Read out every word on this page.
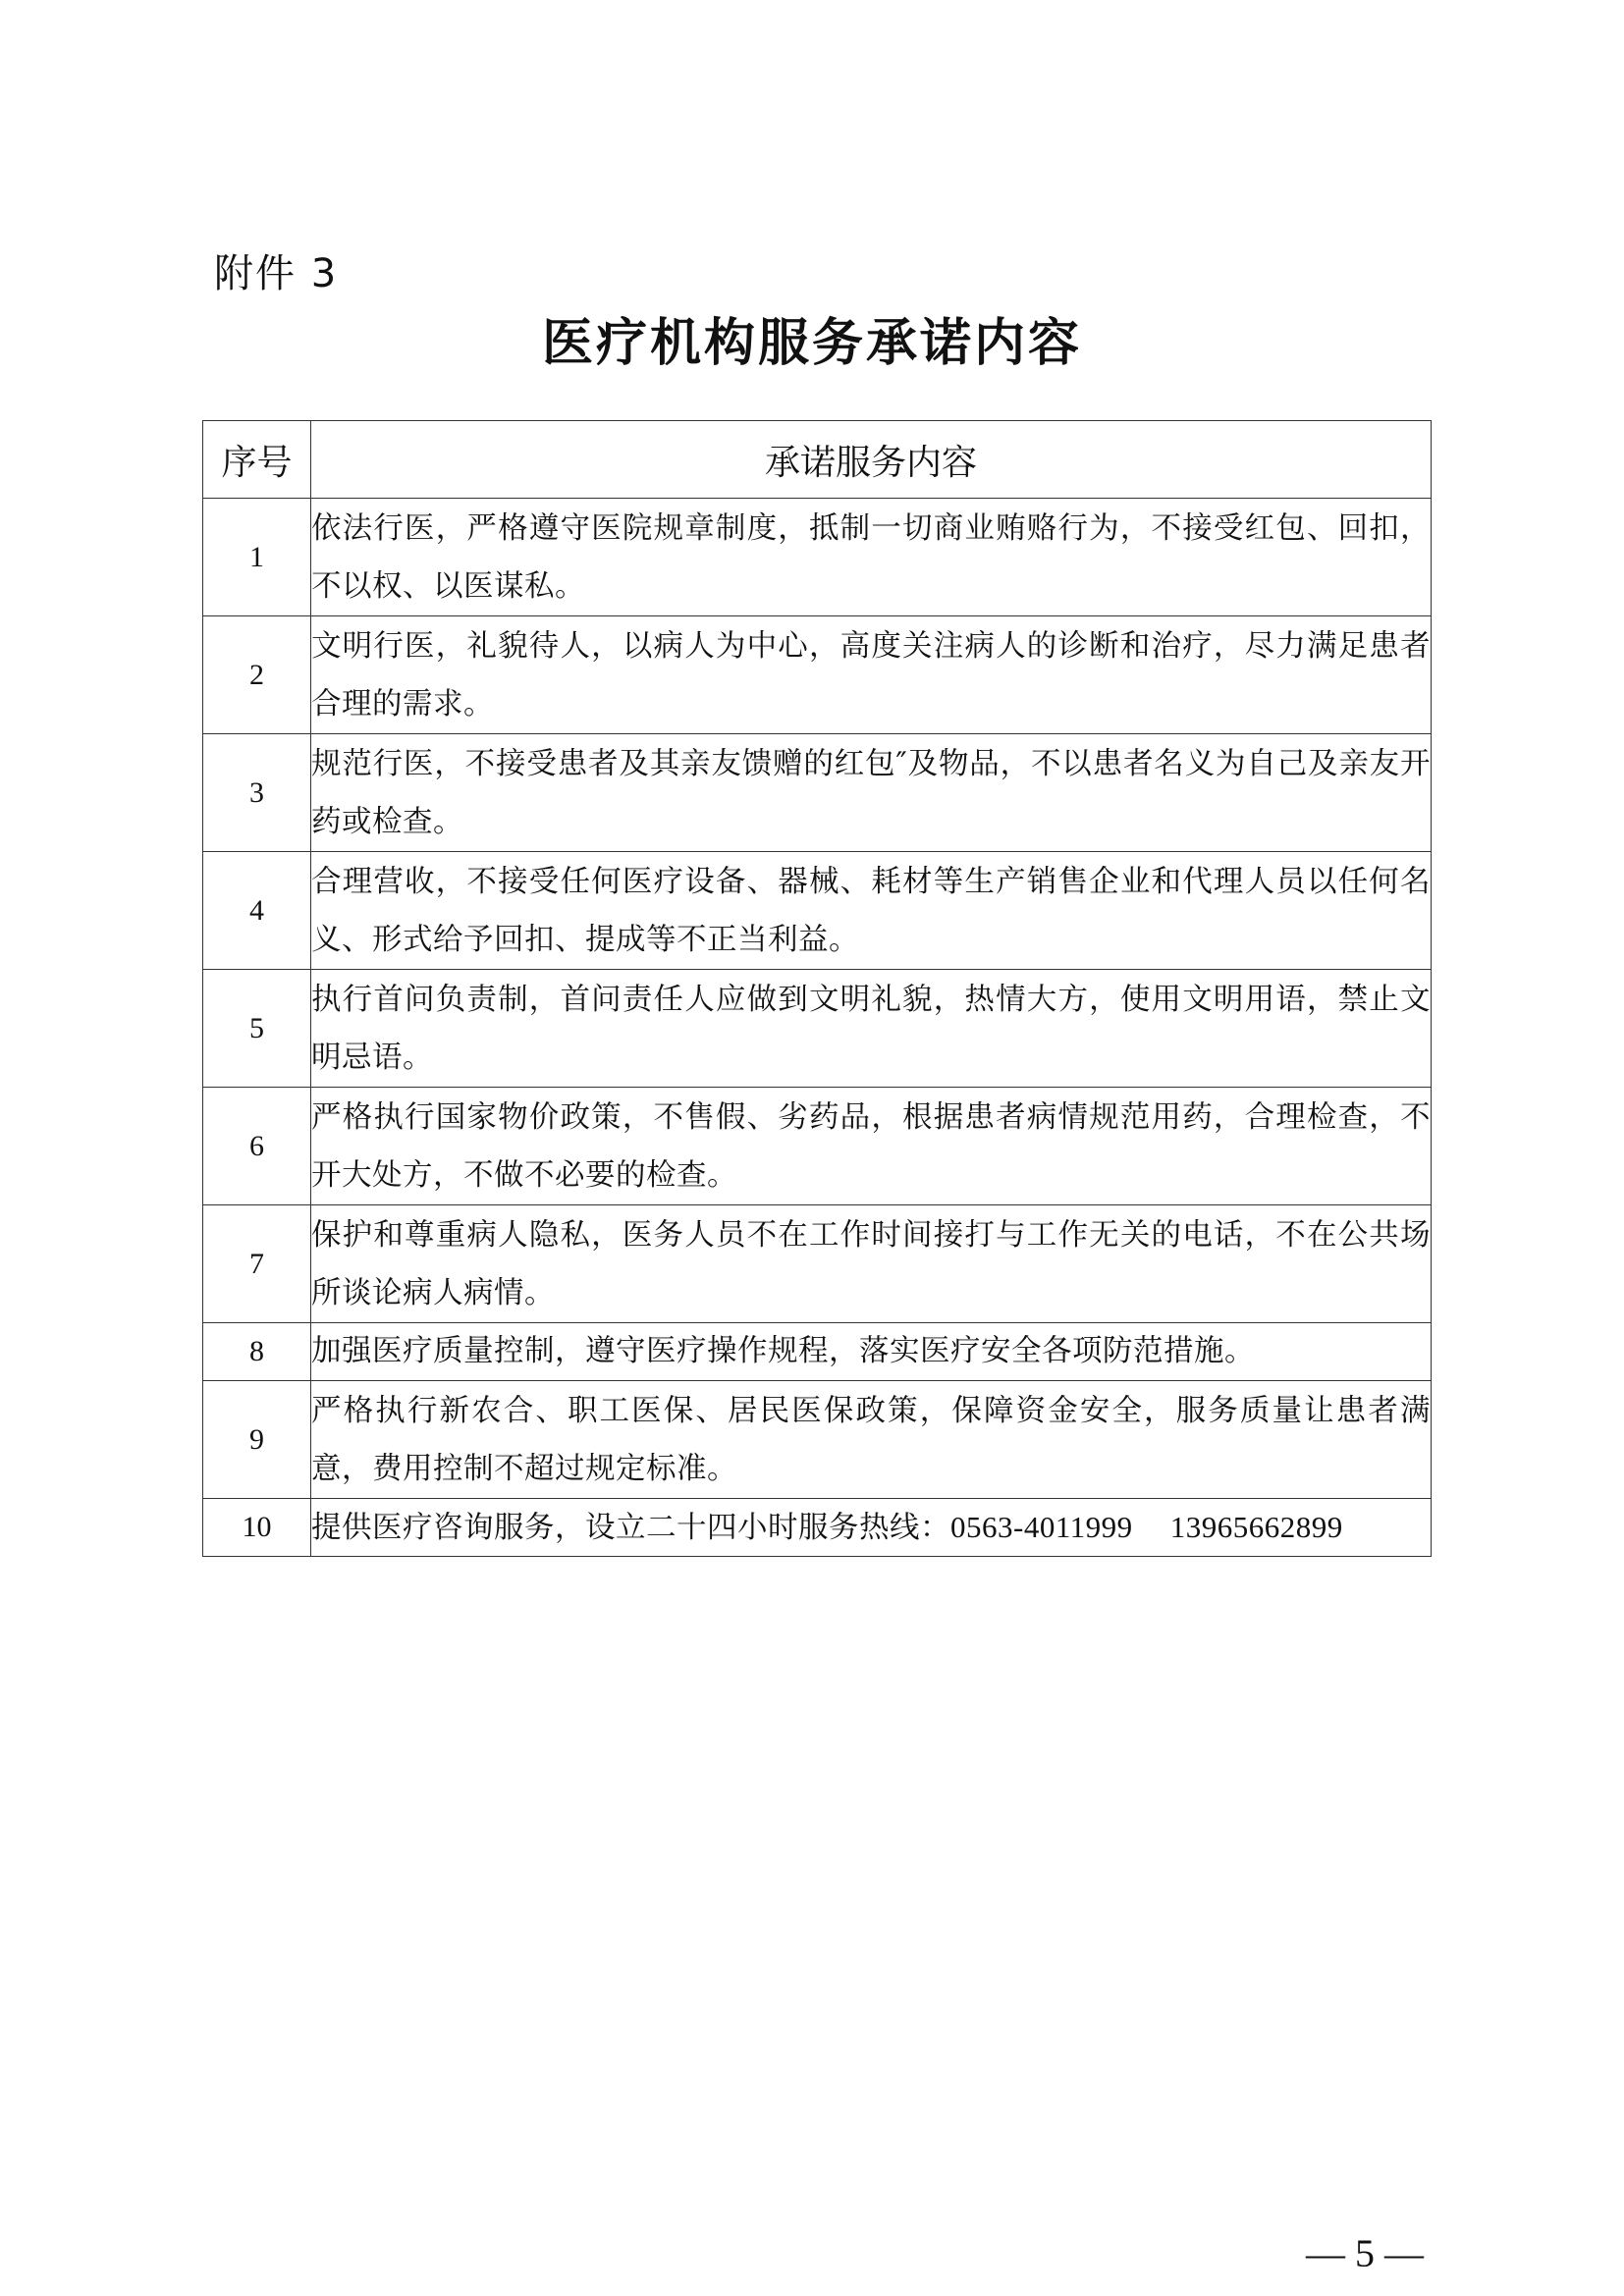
附件 3
医疗机构服务承诺内容
序号	承诺服务内容
1	依法行医，严格遵守医院规章制度，抵制一切商业贿赂行为，不接受红包、回扣，不以权、以医谋私。
2	文明行医，礼貌待人，以病人为中心，高度关注病人的诊断和治疗，尽力满足患者合理的需求。
3	规范行医，不接受患者及其亲友馈赠的红包″及物品，不以患者名义为自己及亲友开药或检查。
4	合理营收，不接受任何医疗设备、器械、耗材等生产销售企业和代理人员以任何名义、形式给予回扣、提成等不正当利益。
5	执行首问负责制，首问责任人应做到文明礼貌，热情大方，使用文明用语，禁止文明忌语。
6	严格执行国家物价政策，不售假、劣药品，根据患者病情规范用药，合理检查，不开大处方，不做不必要的检查。
7	保护和尊重病人隐私，医务人员不在工作时间接打与工作无关的电话，不在公共场所谈论病人病情。
8	加强医疗质量控制，遵守医疗操作规程，落实医疗安全各项防范措施。
9	严格执行新农合、职工医保、居民医保政策，保障资金安全，服务质量让患者满意，费用控制不超过规定标准。
10	提供医疗咨询服务，设立二十四小时服务热线：0563-4011999 13965662899
— 5 —
